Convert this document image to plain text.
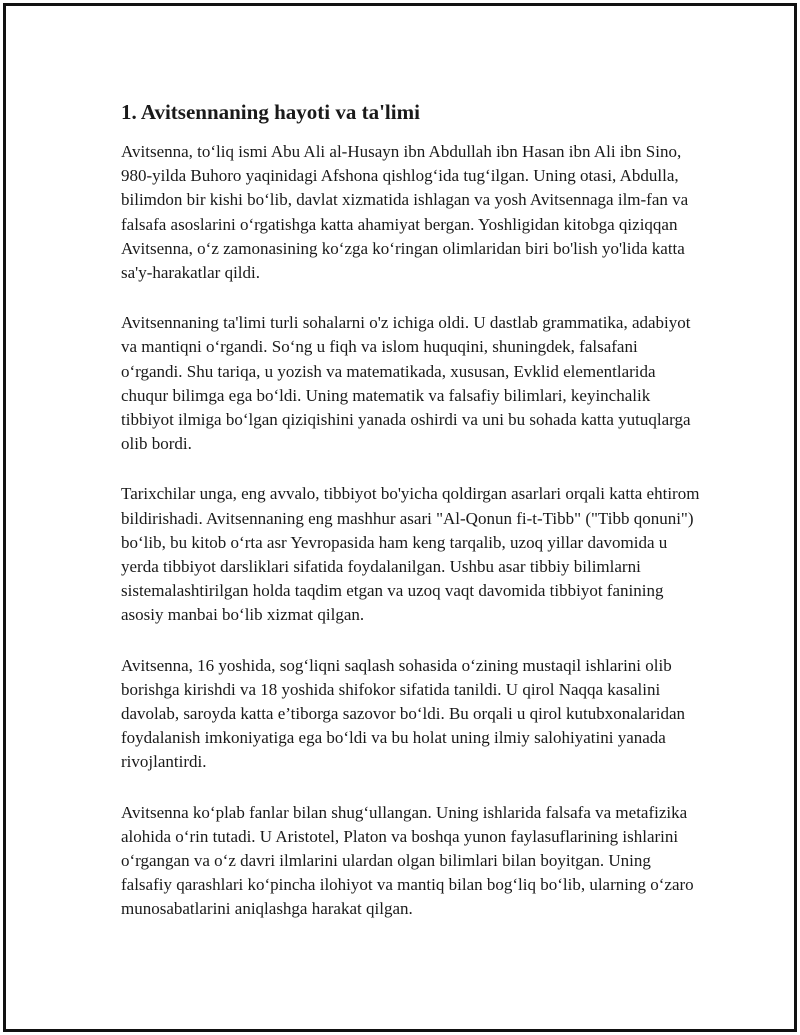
1. Avitsennaning hayoti va ta'limi

Avitsenna, to‘liq ismi Abu Ali al-Husayn ibn Abdullah ibn Hasan ibn Ali ibn Sino, 980-yilda Buhoro yaqinidagi Afshona qishlog‘ida tug‘ilgan. Uning otasi, Abdulla, bilimdon bir kishi bo‘lib, davlat xizmatida ishlagan va yosh Avitsennaga ilm-fan va falsafa asoslarini o‘rgatishga katta ahamiyat bergan. Yoshligidan kitobga qiziqqan Avitsenna, o‘z zamonasining ko‘zga ko‘ringan olimlaridan biri bo'lish yo'lida katta sa'y-harakatlar qildi.

Avitsennaning ta'limi turli sohalarni o'z ichiga oldi. U dastlab grammatika, adabiyot va mantiqni o‘rgandi. So‘ng u fiqh va islom huquqini, shuningdek, falsafani o‘rgandi. Shu tariqa, u yozish va matematikada, xususan, Evklid elementlarida chuqur bilimga ega bo‘ldi. Uning matematik va falsafiy bilimlari, keyinchalik tibbiyot ilmiga bo‘lgan qiziqishini yanada oshirdi va uni bu sohada katta yutuqlarga olib bordi.

Tarixchilar unga, eng avvalo, tibbiyot bo'yicha qoldirgan asarlari orqali katta ehtirom bildirishadi. Avitsennaning eng mashhur asari "Al-Qonun fi-t-Tibb" ("Tibb qonuni") bo‘lib, bu kitob o‘rta asr Yevropasida ham keng tarqalib, uzoq yillar davomida u yerda tibbiyot darsliklari sifatida foydalanilgan. Ushbu asar tibbiy bilimlarni sistemalashtirilgan holda taqdim etgan va uzoq vaqt davomida tibbiyot fanining asosiy manbai bo‘lib xizmat qilgan.

Avitsenna, 16 yoshida, sog‘liqni saqlash sohasida o‘zining mustaqil ishlarini olib borishga kirishdi va 18 yoshida shifokor sifatida tanildi. U qirol Naqqa kasalini davolab, saroyda katta e’tiborga sazovor bo‘ldi. Bu orqali u qirol kutubxonalaridan foydalanish imkoniyatiga ega bo‘ldi va bu holat uning ilmiy salohiyatini yanada rivojlantirdi.

Avitsenna ko‘plab fanlar bilan shug‘ullangan. Uning ishlarida falsafa va metafizika alohida o‘rin tutadi. U Aristotel, Platon va boshqa yunon faylasuflarining ishlarini o‘rgangan va o‘z davri ilmlarini ulardan olgan bilimlari bilan boyitgan. Uning falsafiy qarashlari ko‘pincha ilohiyot va mantiq bilan bog‘liq bo‘lib, ularning o‘zaro munosabatlarini aniqlashga harakat qilgan.
